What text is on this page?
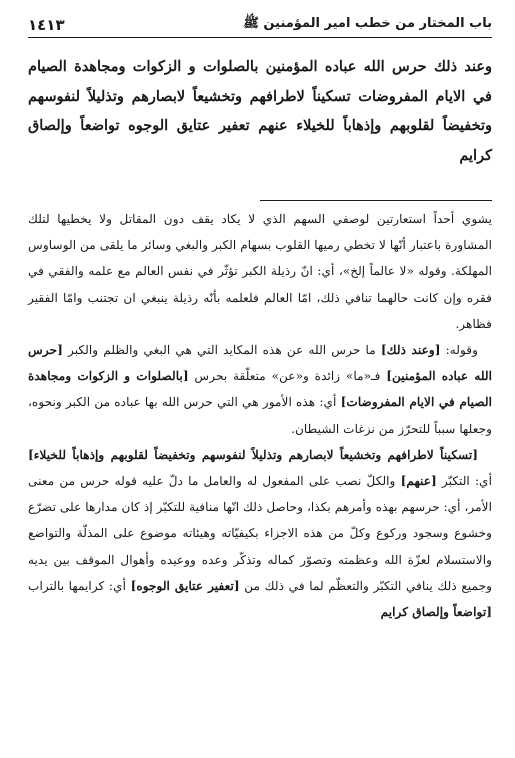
باب المختار من خطب امير المؤمنين ﷺ
١٤١٣

وعند ذلك حرس الله عباده المؤمنين بالصلوات و الزكوات ومجاهدة الصيام في الايام المفروضات تسكيناً لاطرافهم وتخشيعاً لابصارهم وتذليلاً لنفوسهم وتخفيضاً لقلوبهم وإذهاباً للخيلاء عنهم تعفير عتايق الوجوه تواضعاً وإلصاق كرايم

يشوي أحداً استعارتين لوصفي السهم الذي لا يكاد يقف دون المقاتل ولا يخطيها لتلك المشاورة باعتبار أنّها لا تخطي رميها القلوب بسهام الكبر والبغي وسائر ما يلقى من الوساوس المهلكة. وقوله «لا عالماً إلخ»، أي: انّ رذيلة الكبر تؤثّر في نفس العالم مع علمه والفقي في فقره وإن كانت حالهما تنافي ذلك، امّا العالم فلعلمه بأنّه رذيلة ينبغي ان تجتنب وامّا الفقير فظاهر.

وقوله: [وعند ذلك] ما حرس الله عن هذه المكايد التي هي البغي والظلم والكبر [حرس الله عباده المؤمنين] فـ«ما» زائدة و«عن» متعلّقة بحرس [بالصلوات و الزكوات ومجاهدة الصيام في الايام المفروضات] أي: هذه الأمور هي التي حرس الله بها عباده من الكبر ونحوه، وجعلها سبباً للتحرّز من نزغات الشيطان.

[تسكيناً لاطرافهم وتخشيعاً لابصارهم وتذليلاً لنفوسهم وتخفيضاً لقلوبهم وإذهاباً للخيلاء] أي: التكبّر [عنهم] والكلّ نصب على المفعول له والعامل ما دلّ عليه قوله حرس من معنى الأمر، أي: حرسهم بهذه وأمرهم بكذا، وحاصل ذلك انّها منافية للتكبّر إذ كان مدارها على تضرّع وخشوع وسجود وركوع وكلّ من هذه الاجزاء بكيفيّاته وهيئاته موضوع على المذلّة والتواضع والاستسلام لعزّة الله وعظمته وتصوّر كماله وتذكّر وعده ووعيده وأهوال الموقف بين يديه وجميع ذلك ينافي التكبّر والتعظّم لما في ذلك من [تعفير عتايق الوجوه] أي: كرايمها بالتراب [تواضعاً وإلصاق كرايم
